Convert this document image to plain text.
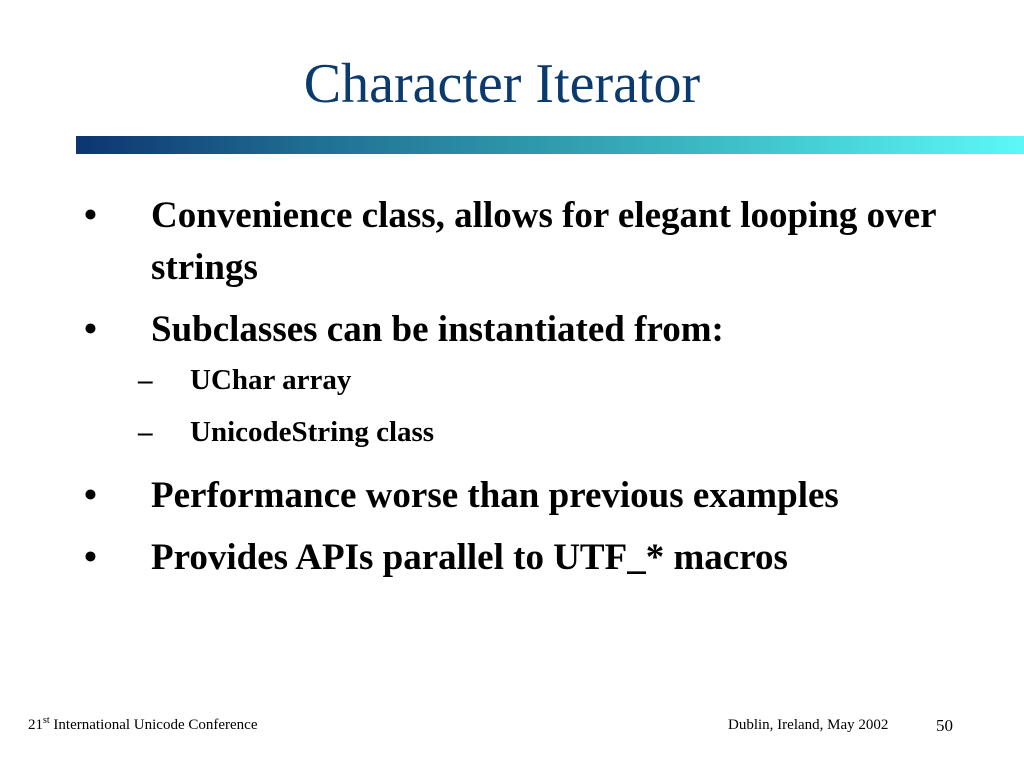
Character Iterator
• Convenience class, allows for elegant looping over strings
• Subclasses can be instantiated from:
– UChar array
– UnicodeString class
• Performance worse than previous examples
• Provides APIs parallel to UTF_* macros
21st International Unicode Conference	Dublin, Ireland, May 2002	50
